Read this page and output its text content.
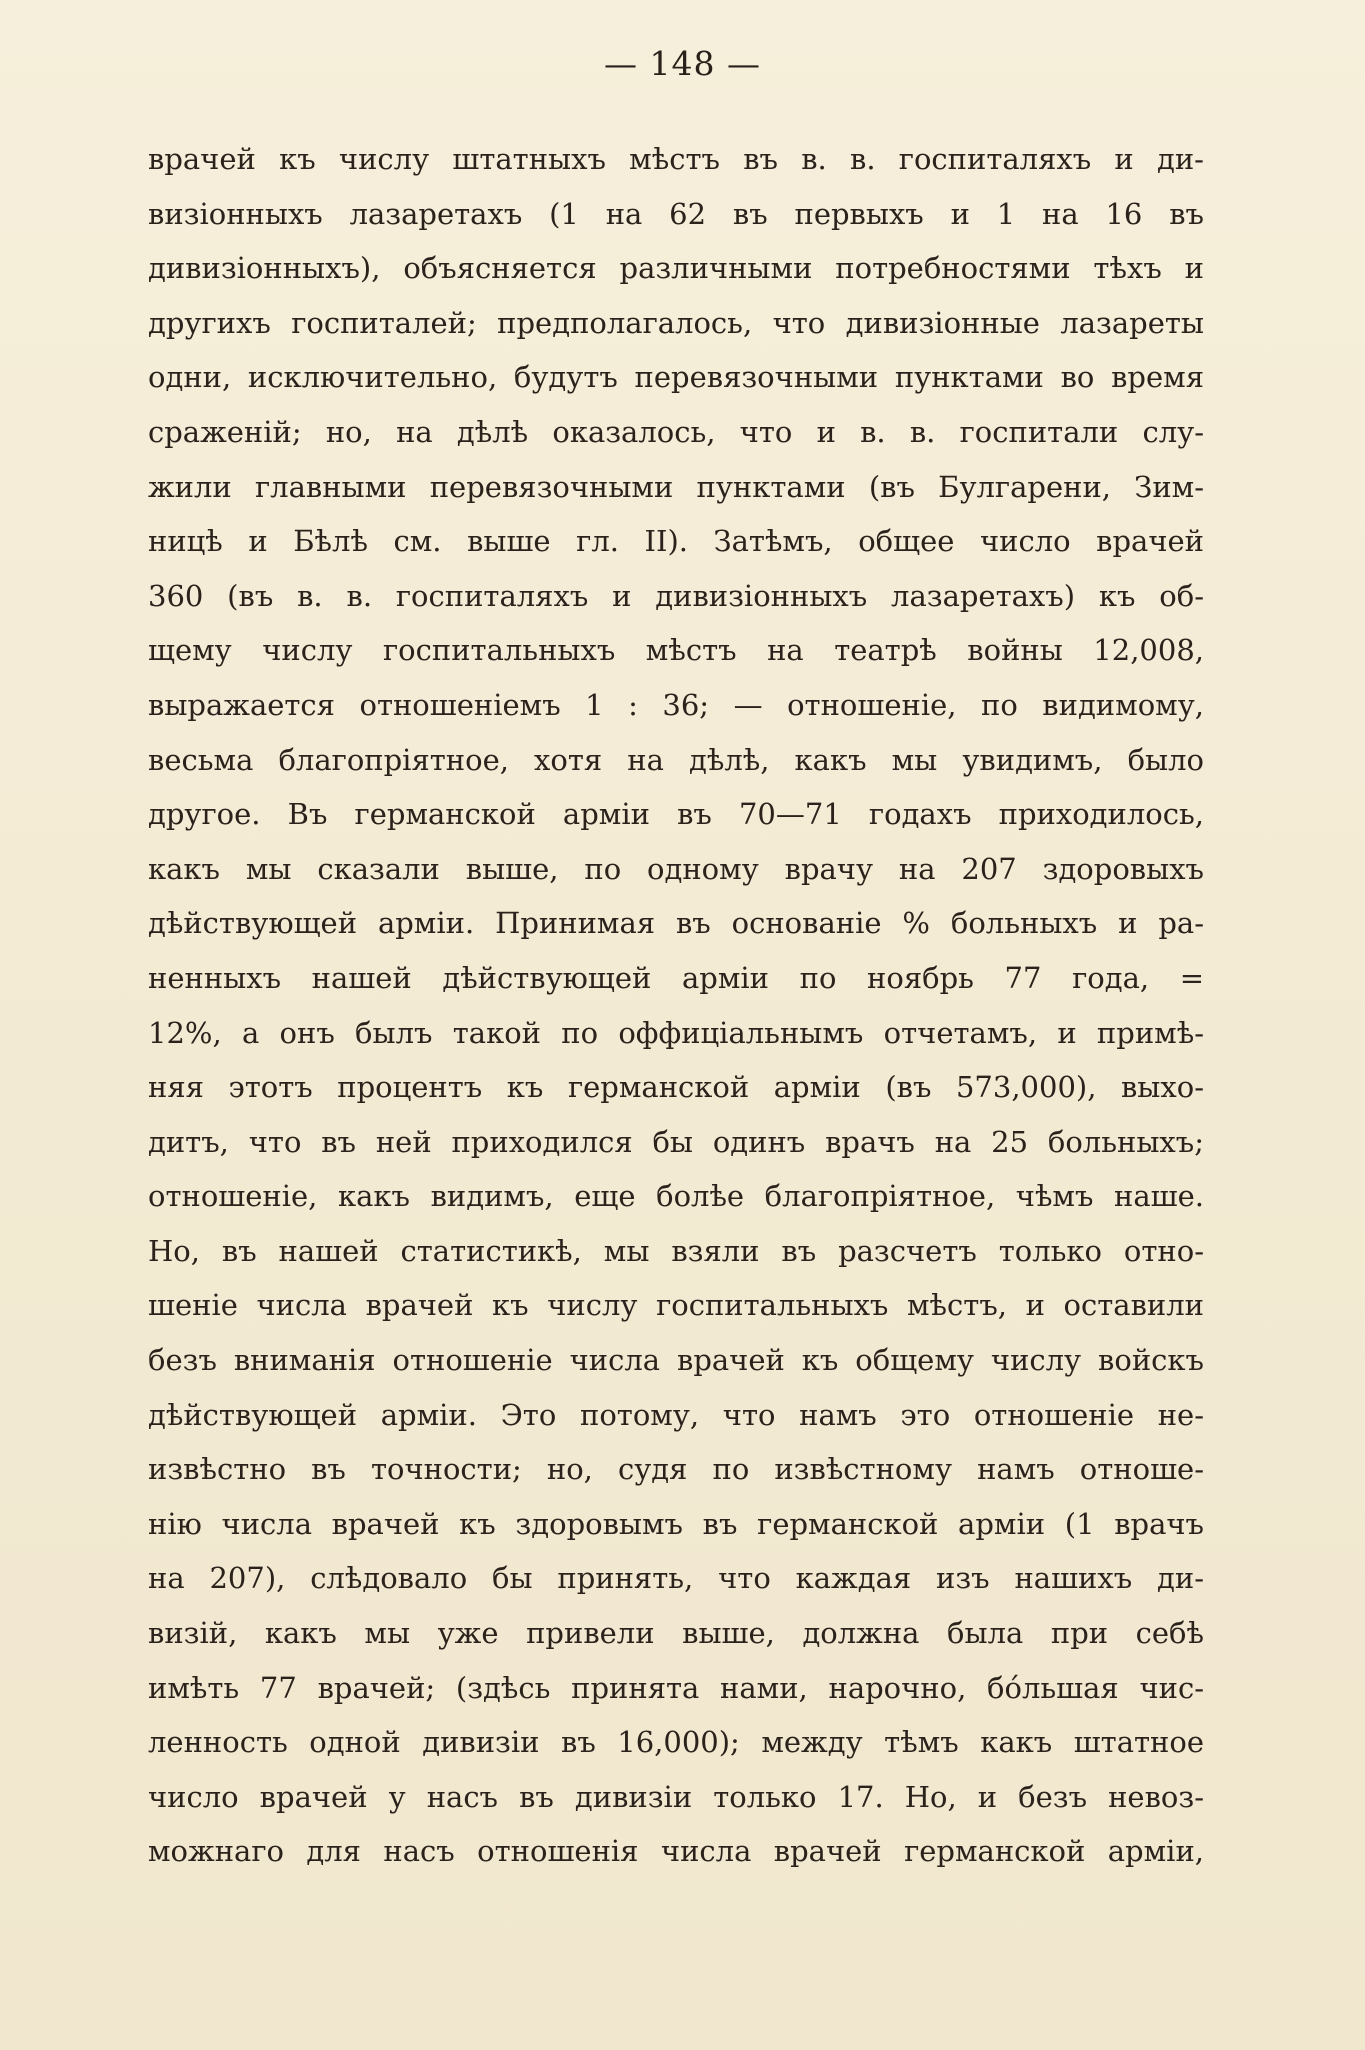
— 148 —
врачей къ числу штатныхъ мѣстъ въ в. в. госпиталяхъ и ди-
визіонныхъ лазаретахъ (1 на 62 въ первыхъ и 1 на 16 въ
дивизіонныхъ), объясняется различными потребностями тѣхъ и
другихъ госпиталей; предполагалось, что дивизіонные лазареты
одни, исключительно, будутъ перевязочными пунктами во время
сраженій; но, на дѣлѣ оказалось, что и в. в. госпитали слу-
жили главными перевязочными пунктами (въ Булгарени, Зим-
ницѣ и Бѣлѣ см. выше гл. II). Затѣмъ, общее число врачей
360 (въ в. в. госпиталяхъ и дивизіонныхъ лазаретахъ) къ об-
щему числу госпитальныхъ мѣстъ на театрѣ войны 12,008,
выражается отношеніемъ 1 : 36; — отношеніе, по видимому,
весьма благопріятное, хотя на дѣлѣ, какъ мы увидимъ, было
другое. Въ германской арміи въ 70—71 годахъ приходилось,
какъ мы сказали выше, по одному врачу на 207 здоровыхъ
дѣйствующей арміи. Принимая въ основаніе % больныхъ и ра-
ненныхъ нашей дѣйствующей арміи по ноябрь 77 года, =
12%, а онъ былъ такой по оффиціальнымъ отчетамъ, и примѣ-
няя этотъ процентъ къ германской арміи (въ 573,000), выхо-
дитъ, что въ ней приходился бы одинъ врачъ на 25 больныхъ;
отношеніе, какъ видимъ, еще болѣе благопріятное, чѣмъ наше.
Но, въ нашей статистикѣ, мы взяли въ разсчетъ только отно-
шеніе числа врачей къ числу госпитальныхъ мѣстъ, и оставили
безъ вниманія отношеніе числа врачей къ общему числу войскъ
дѣйствующей арміи. Это потому, что намъ это отношеніе не-
извѣстно въ точности; но, судя по извѣстному намъ отноше-
нію числа врачей къ здоровымъ въ германской арміи (1 врачъ
на 207), слѣдовало бы принять, что каждая изъ нашихъ ди-
визій, какъ мы уже привели выше, должна была при себѣ
имѣть 77 врачей; (здѣсь принята нами, нарочно, бóльшая чис-
ленность одной дивизіи въ 16,000); между тѣмъ какъ штатное
число врачей у насъ въ дивизіи только 17. Но, и безъ невоз-
можнаго для насъ отношенія числа врачей германской арміи,
